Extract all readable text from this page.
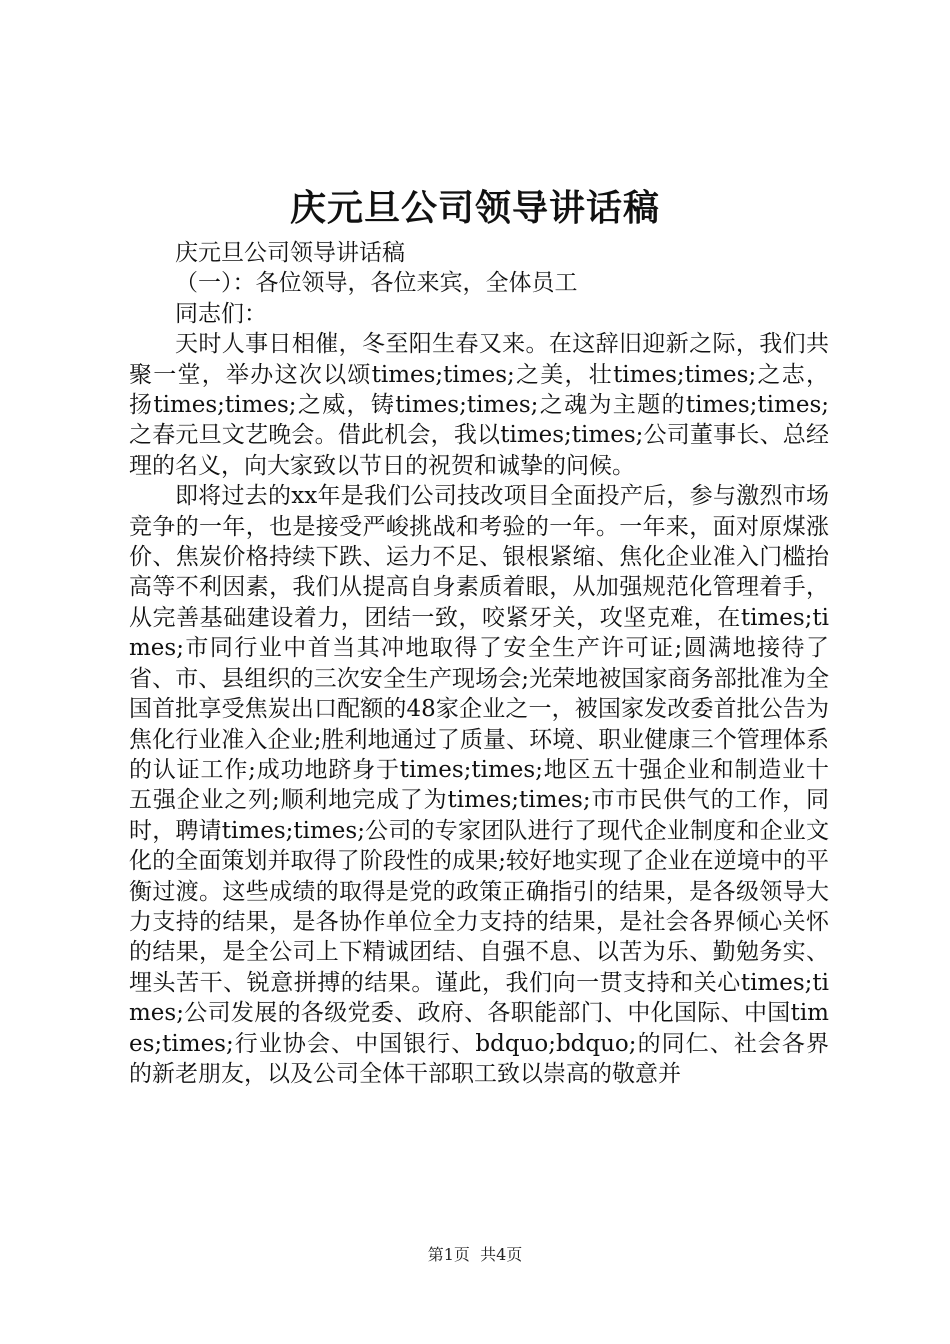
庆元旦公司领导讲话稿

庆元旦公司领导讲话稿

（一）：各位领导，各位来宾，全体员工

同志们：

天时人事日相催，冬至阳生春又来。在这辞旧迎新之际，我们共聚一堂，举办这次以颂times;times;之美，壮times;times;之志，扬times;times;之威，铸times;times;之魂为主题的times;times;之春元旦文艺晚会。借此机会，我以times;times;公司董事长、总经理的名义，向大家致以节日的祝贺和诚挚的问候。

即将过去的xx年是我们公司技改项目全面投产后，参与激烈市场竞争的一年，也是接受严峻挑战和考验的一年。一年来，面对原煤涨价、焦炭价格持续下跌、运力不足、银根紧缩、焦化企业准入门槛抬高等不利因素，我们从提高自身素质着眼，从加强规范化管理着手，从完善基础建设着力，团结一致，咬紧牙关，攻坚克难，在times;times;市同行业中首当其冲地取得了安全生产许可证;圆满地接待了省、市、县组织的三次安全生产现场会;光荣地被国家商务部批准为全国首批享受焦炭出口配额的48家企业之一，被国家发改委首批公告为焦化行业准入企业;胜利地通过了质量、环境、职业健康三个管理体系的认证工作;成功地跻身于times;times;地区五十强企业和制造业十五强企业之列;顺利地完成了为times;times;市市民供气的工作，同时，聘请times;times;公司的专家团队进行了现代企业制度和企业文化的全面策划并取得了阶段性的成果;较好地实现了企业在逆境中的平衡过渡。这些成绩的取得是党的政策正确指引的结果，是各级领导大力支持的结果，是各协作单位全力支持的结果，是社会各界倾心关怀的结果，是全公司上下精诚团结、自强不息、以苦为乐、勤勉务实、埋头苦干、锐意拼搏的结果。谨此，我们向一贯支持和关心times;times;公司发展的各级党委、政府、各职能部门、中化国际、中国times;times;行业协会、中国银行、bdquo;bdquo;的同仁、社会各界的新老朋友，以及公司全体干部职工致以崇高的敬意并

第1页 共4页
